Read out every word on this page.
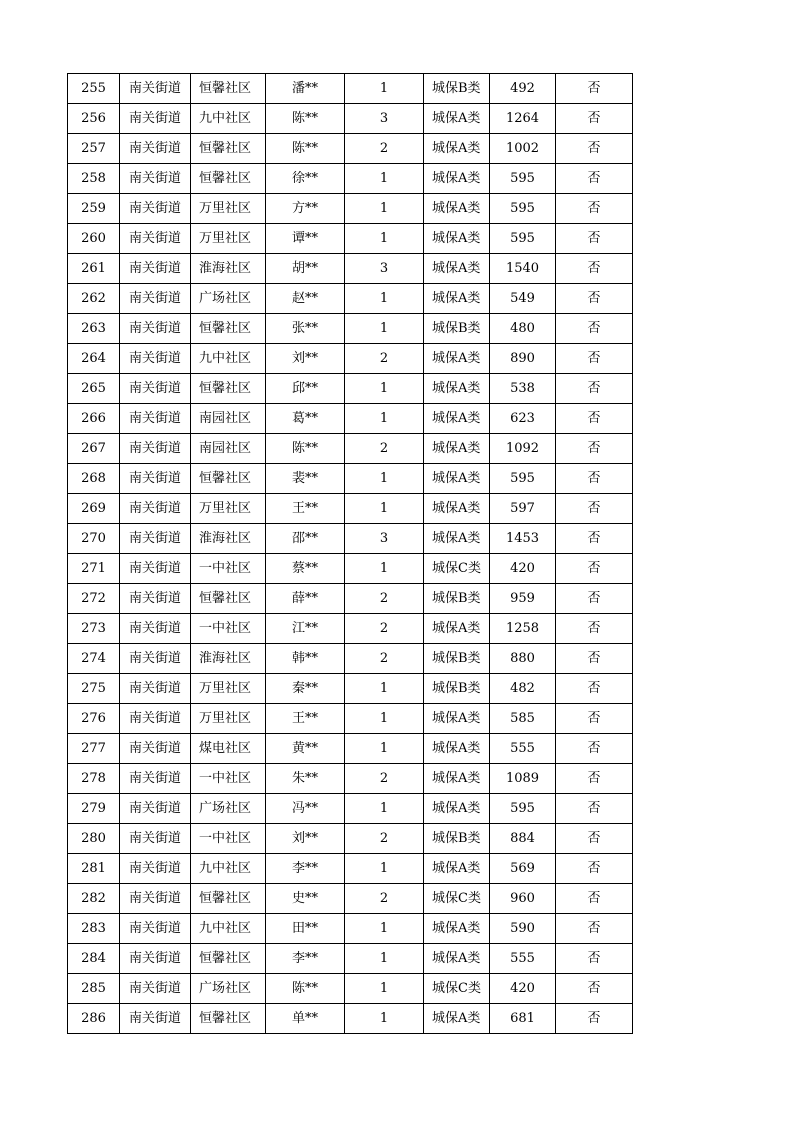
255	南关街道	恒馨社区	潘**	1	城保B类	492	否
256	南关街道	九中社区	陈**	3	城保A类	1264	否
257	南关街道	恒馨社区	陈**	2	城保A类	1002	否
258	南关街道	恒馨社区	徐**	1	城保A类	595	否
259	南关街道	万里社区	方**	1	城保A类	595	否
260	南关街道	万里社区	谭**	1	城保A类	595	否
261	南关街道	淮海社区	胡**	3	城保A类	1540	否
262	南关街道	广场社区	赵**	1	城保A类	549	否
263	南关街道	恒馨社区	张**	1	城保B类	480	否
264	南关街道	九中社区	刘**	2	城保A类	890	否
265	南关街道	恒馨社区	邱**	1	城保A类	538	否
266	南关街道	南园社区	葛**	1	城保A类	623	否
267	南关街道	南园社区	陈**	2	城保A类	1092	否
268	南关街道	恒馨社区	裴**	1	城保A类	595	否
269	南关街道	万里社区	王**	1	城保A类	597	否
270	南关街道	淮海社区	邵**	3	城保A类	1453	否
271	南关街道	一中社区	蔡**	1	城保C类	420	否
272	南关街道	恒馨社区	薛**	2	城保B类	959	否
273	南关街道	一中社区	江**	2	城保A类	1258	否
274	南关街道	淮海社区	韩**	2	城保B类	880	否
275	南关街道	万里社区	秦**	1	城保B类	482	否
276	南关街道	万里社区	王**	1	城保A类	585	否
277	南关街道	煤电社区	黄**	1	城保A类	555	否
278	南关街道	一中社区	朱**	2	城保A类	1089	否
279	南关街道	广场社区	冯**	1	城保A类	595	否
280	南关街道	一中社区	刘**	2	城保B类	884	否
281	南关街道	九中社区	李**	1	城保A类	569	否
282	南关街道	恒馨社区	史**	2	城保C类	960	否
283	南关街道	九中社区	田**	1	城保A类	590	否
284	南关街道	恒馨社区	李**	1	城保A类	555	否
285	南关街道	广场社区	陈**	1	城保C类	420	否
286	南关街道	恒馨社区	单**	1	城保A类	681	否
